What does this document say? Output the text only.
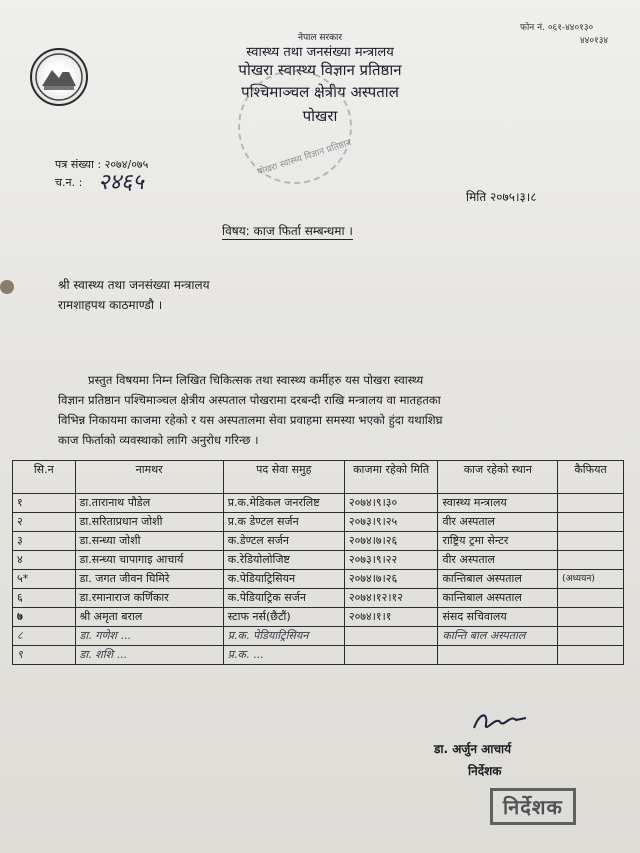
नेपाल सरकार
स्वास्थ्य तथा जनसंख्या मन्त्रालय
पोखरा स्वास्थ्य विज्ञान प्रतिष्ठान
पश्चिमाञ्चल क्षेत्रीय अस्पताल
पोखरा
फोन नं. ०६१-४४०१३०
४४०१३४
पोखरा स्वास्थ्य विज्ञान प्रतिष्ठान
पत्र संख्या : २०७४/०७५
च.न. : २४६५
मिति २०७५।३।८
विषय: काज फिर्ता सम्बन्धमा ।
श्री स्वास्थ्य तथा जनसंख्या मन्त्रालय
रामशाहपथ काठमाण्डौ ।
प्रस्तुत विषयमा निम्न लिखित चिकित्सक तथा स्वास्थ्य कर्मीहरु यस पोखरा स्वास्थ्य
विज्ञान प्रतिष्ठान पश्चिमाञ्चल क्षेत्रीय अस्पताल पोखरामा दरबन्दी राखि मन्त्रालय वा मातहतका
विभिन्न निकायमा काजमा रहेको र यस अस्पतालमा सेवा प्रवाहमा समस्या भएको हुंदा यथाशिघ्र
काज फिर्ताको व्यवस्थाको लागि अनुरोध गरिन्छ ।
सि.न	नामथर	पद सेवा समुह	काजमा रहेको मिति	काज रहेको स्थान	कैफियत
१	डा.तारानाथ पौडेल	प्र.क.मेडिकल जनरलिष्ट	२०७४।९।३०	स्वास्थ्य मन्त्रालय	
२	डा.सरिताप्रधान जोशी	प्र.क डेण्टल सर्जन	२०७३।९।२५	वीर अस्पताल	
३	डा.सन्ध्या जोशी	क.डेण्टल सर्जन	२०७४।७।२६	राष्ट्रिय ट्रमा सेन्टर	
४	डा.सन्ध्या चापागाइ आचार्य	क.रेडियोलोजिष्ट	२०७३।९।२२	वीर अस्पताल	
५*	डा. जगत जीवन घिमिरे	क.पेडियाट्रिसियन	२०७४।७।२६	कान्तिबाल अस्पताल	(अध्ययन)
६	डा.रमानाराज कर्णिकार	क.पेडियाट्रिक सर्जन	२०७४।१२।१२	कान्तिबाल अस्पताल	
७	श्री अमृता बराल	स्टाफ नर्स(छैटौं)	२०७४।१।१	संसद सचिवालय	
८	डा. गणेश ...	प्र.क. पेडियाट्रिसियन		कान्ति बाल अस्पताल	
९	डा. शशि ...	प्र.क. ...			
डा. अर्जुन आचार्य
निर्देशक
निर्देशक
